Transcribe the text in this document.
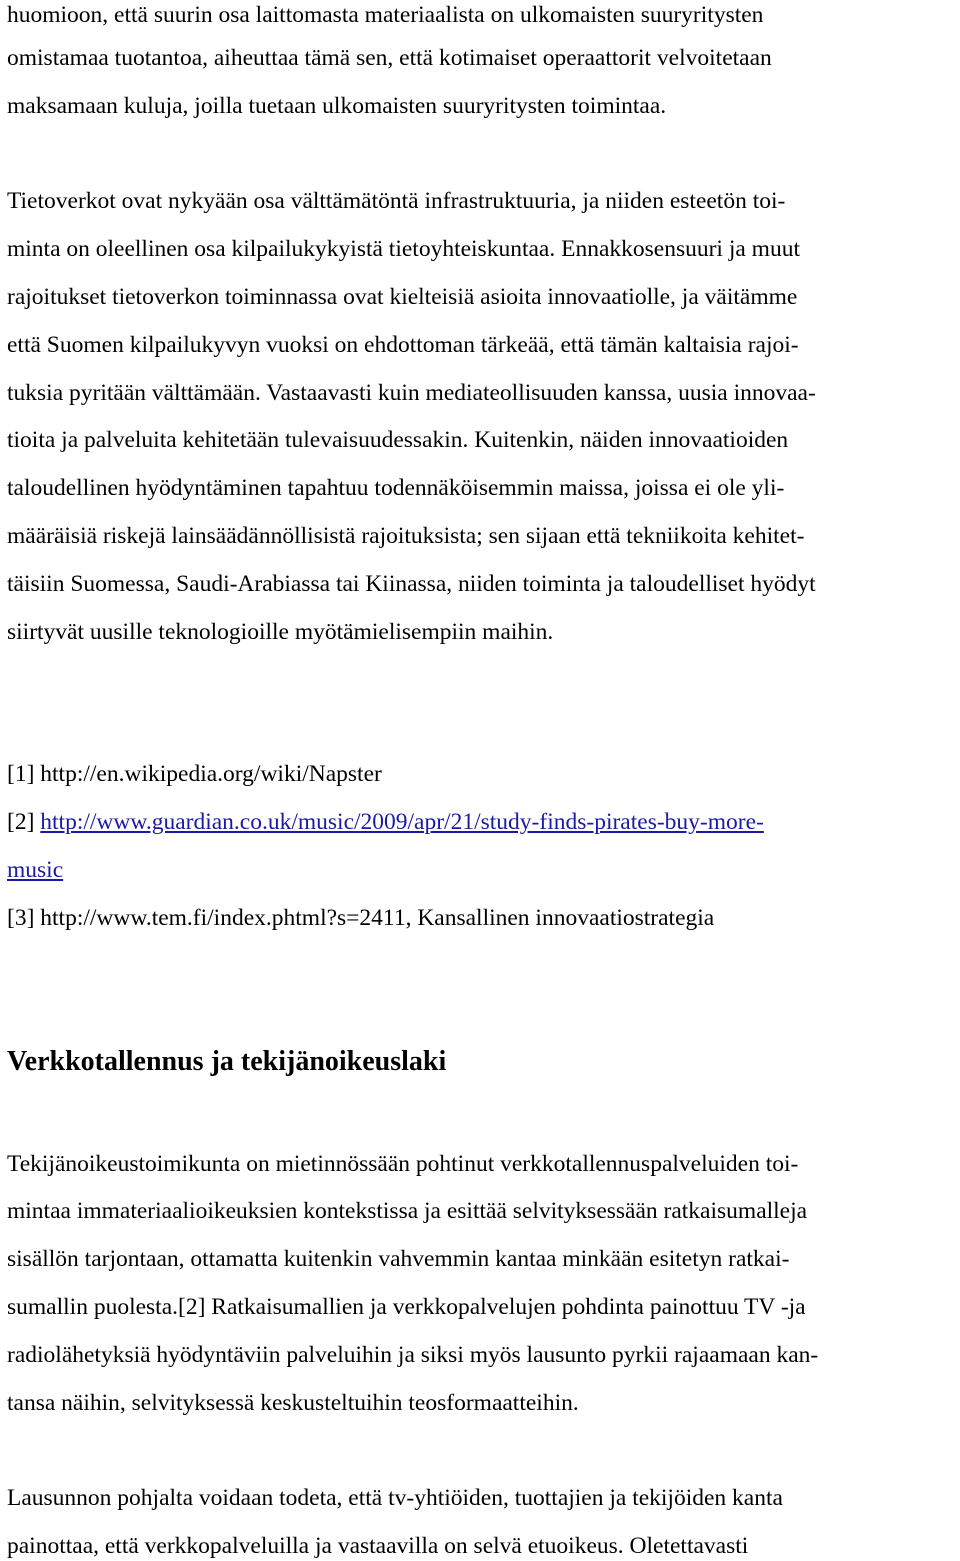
huomioon, että suurin osa laittomasta materiaalista on ulkomaisten suuryritysten
omistamaa tuotantoa, aiheuttaa tämä sen, että kotimaiset operaattorit velvoitetaan
maksamaan kuluja, joilla tuetaan ulkomaisten suuryritysten toimintaa.
Tietoverkot ovat nykyään osa välttämätöntä infrastruktuuria, ja niiden esteetön toi-
minta on oleellinen osa kilpailukykyistä tietoyhteiskuntaa. Ennakkosensuuri ja muut
rajoitukset tietoverkon toiminnassa ovat kielteisiä asioita innovaatiolle, ja väitämme
että Suomen kilpailukyvyn vuoksi on ehdottoman tärkeää, että tämän kaltaisia rajoi-
tuksia pyritään välttämään. Vastaavasti kuin mediateollisuuden kanssa, uusia innovaa-
tioita ja palveluita kehitetään tulevaisuudessakin. Kuitenkin, näiden innovaatioiden
taloudellinen hyödyntäminen tapahtuu todennäköisemmin maissa, joissa ei ole yli-
määräisiä riskejä lainsäädännöllisistä rajoituksista; sen sijaan että tekniikoita kehitet-
täisiin Suomessa, Saudi-Arabiassa tai Kiinassa, niiden toiminta ja taloudelliset hyödyt
siirtyvät uusille teknologioille myötämielisempiin maihin.
[1] http://en.wikipedia.org/wiki/Napster
[2] http://www.guardian.co.uk/music/2009/apr/21/study-finds-pirates-buy-more-
music
[3] http://www.tem.fi/index.phtml?s=2411, Kansallinen innovaatiostrategia
Verkkotallennus ja tekijänoikeuslaki
Tekijänoikeustoimikunta on mietinnössään pohtinut verkkotallennuspalveluiden toi-
mintaa immateriaalioikeuksien kontekstissa ja esittää selvityksessään ratkaisumalleja
sisällön tarjontaan, ottamatta kuitenkin vahvemmin kantaa minkään esitetyn ratkai-
sumallin puolesta.[2] Ratkaisumallien ja verkkopalvelujen pohdinta painottuu TV -ja
radiolähetyksiä hyödyntäviin palveluihin ja siksi myös lausunto pyrkii rajaamaan kan-
tansa näihin, selvityksessä keskusteltuihin teosformaatteihin.
Lausunnon pohjalta voidaan todeta, että tv-yhtiöiden, tuottajien ja tekijöiden kanta
painottaa, että verkkopalveluilla ja vastaavilla on selvä etuoikeus. Oletettavasti
